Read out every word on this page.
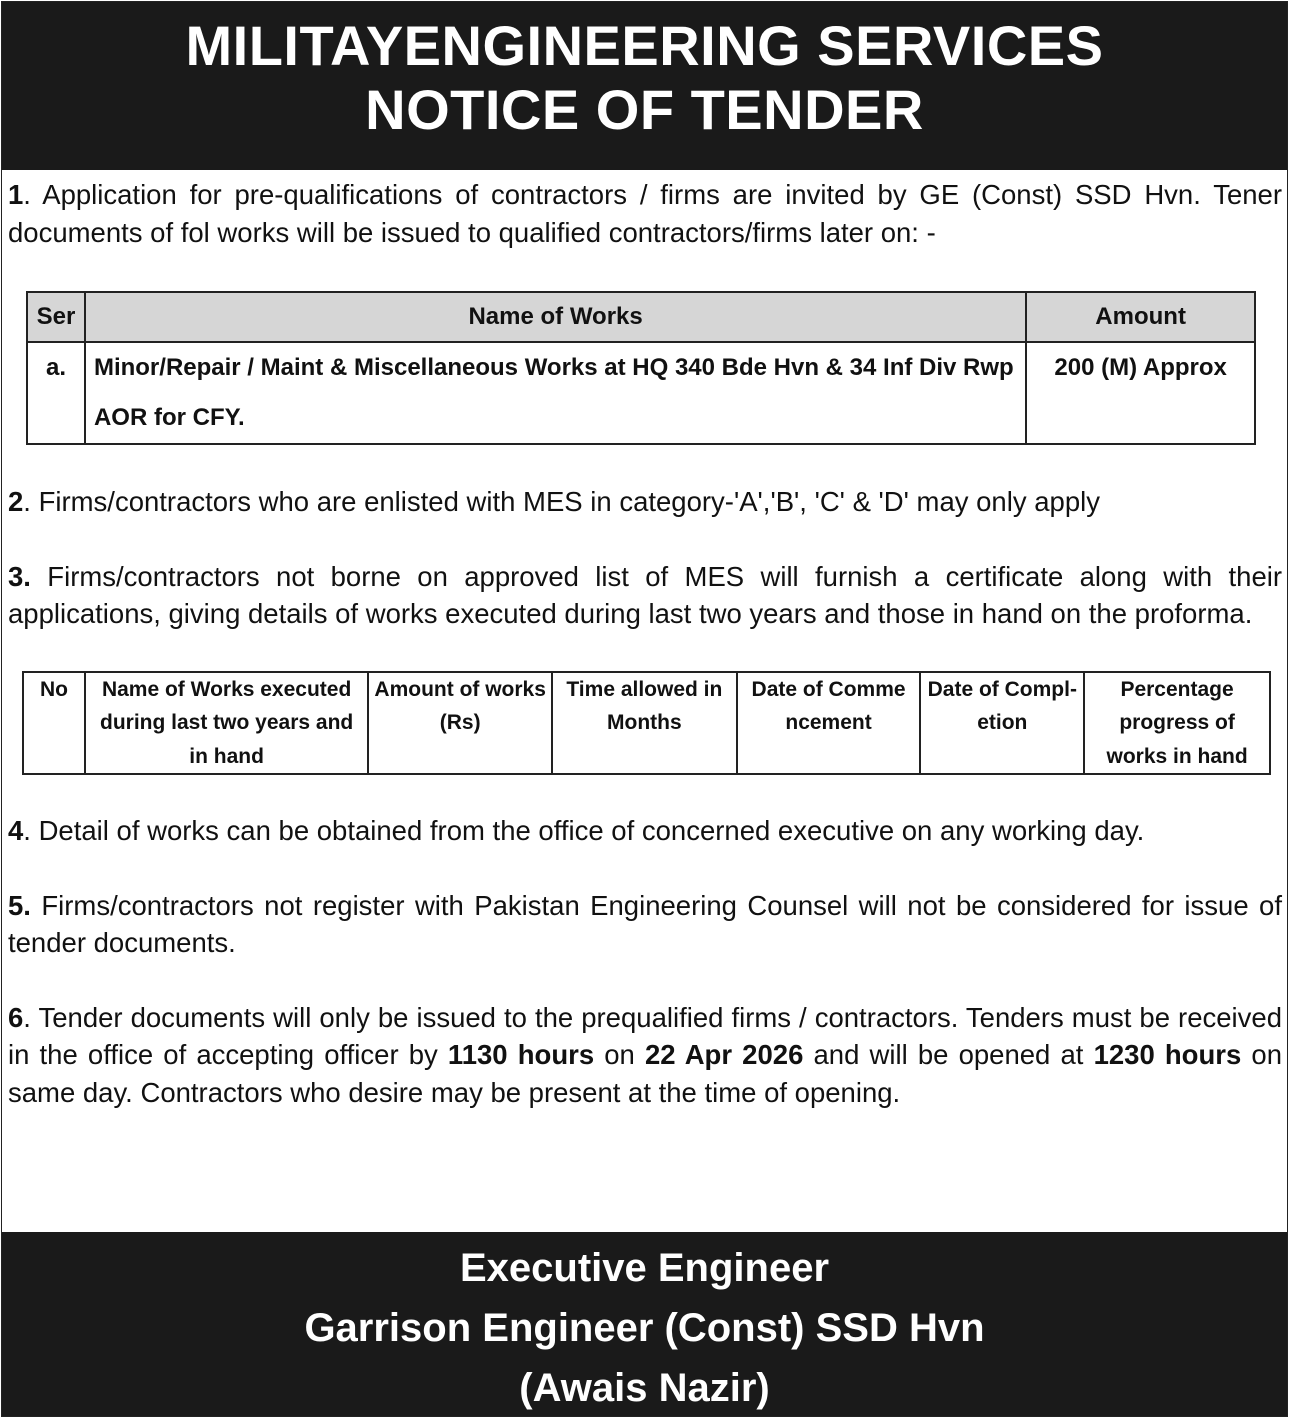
MILITAYENGINEERING SERVICES
NOTICE OF TENDER

1. Application for pre-qualifications of contractors / firms are invited by GE (Const) SSD Hvn. Tener documents of fol works will be issued to qualified contractors/firms later on: -

Ser	Name of Works	Amount
a.	Minor/Repair / Maint & Miscellaneous Works at HQ 340 Bde Hvn & 34 Inf Div Rwp AOR for CFY.	200 (M) Approx

2. Firms/contractors who are enlisted with MES in category-'A','B', 'C' & 'D' may only apply

3. Firms/contractors not borne on approved list of MES will furnish a certificate along with their applications, giving details of works executed during last two years and those in hand on the proforma.

No	Name of Works executed during last two years and in hand	Amount of works (Rs)	Time allowed in Months	Date of Comme ncement	Date of Compl- etion	Percentage progress of works in hand

4. Detail of works can be obtained from the office of concerned executive on any working day.

5. Firms/contractors not register with Pakistan Engineering Counsel will not be considered for issue of tender documents.

6. Tender documents will only be issued to the prequalified firms / contractors. Tenders must be received in the office of accepting officer by 1130 hours on 22 Apr 2026 and will be opened at 1230 hours on same day. Contractors who desire may be present at the time of opening.

Executive Engineer
Garrison Engineer (Const) SSD Hvn
(Awais Nazir)
